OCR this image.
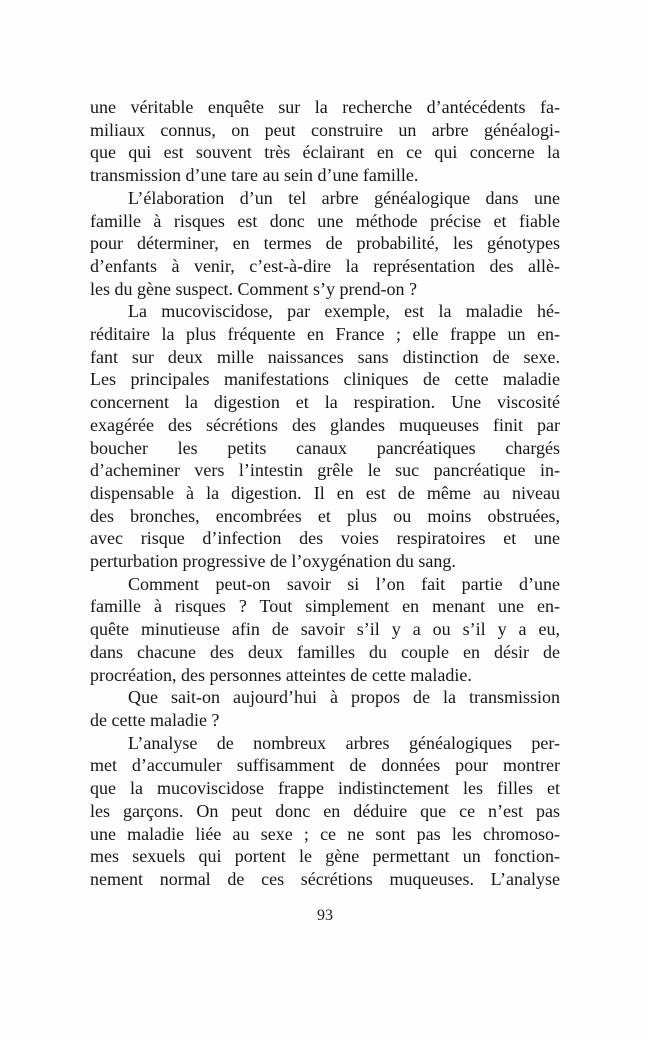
une véritable enquête sur la recherche d’antécédents fa-
miliaux connus, on peut construire un arbre généalogi-
que qui est souvent très éclairant en ce qui concerne la
transmission d’une tare au sein d’une famille.
L’élaboration d’un tel arbre généalogique dans une
famille à risques est donc une méthode précise et fiable
pour déterminer, en termes de probabilité, les génotypes
d’enfants à venir, c’est-à-dire la représentation des allè-
les du gène suspect. Comment s’y prend-on ?
La mucoviscidose, par exemple, est la maladie hé-
réditaire la plus fréquente en France ; elle frappe un en-
fant sur deux mille naissances sans distinction de sexe.
Les principales manifestations cliniques de cette maladie
concernent la digestion et la respiration. Une viscosité
exagérée des sécrétions des glandes muqueuses finit par
boucher les petits canaux pancréatiques chargés
d’acheminer vers l’intestin grêle le suc pancréatique in-
dispensable à la digestion. Il en est de même au niveau
des bronches, encombrées et plus ou moins obstruées,
avec risque d’infection des voies respiratoires et une
perturbation progressive de l’oxygénation du sang.
Comment peut-on savoir si l’on fait partie d’une
famille à risques ? Tout simplement en menant une en-
quête minutieuse afin de savoir s’il y a ou s’il y a eu,
dans chacune des deux familles du couple en désir de
procréation, des personnes atteintes de cette maladie.
Que sait-on aujourd’hui à propos de la transmission
de cette maladie ?
L’analyse de nombreux arbres généalogiques per-
met d’accumuler suffisamment de données pour montrer
que la mucoviscidose frappe indistinctement les filles et
les garçons. On peut donc en déduire que ce n’est pas
une maladie liée au sexe ; ce ne sont pas les chromoso-
mes sexuels qui portent le gène permettant un fonction-
nement normal de ces sécrétions muqueuses. L’analyse
93
